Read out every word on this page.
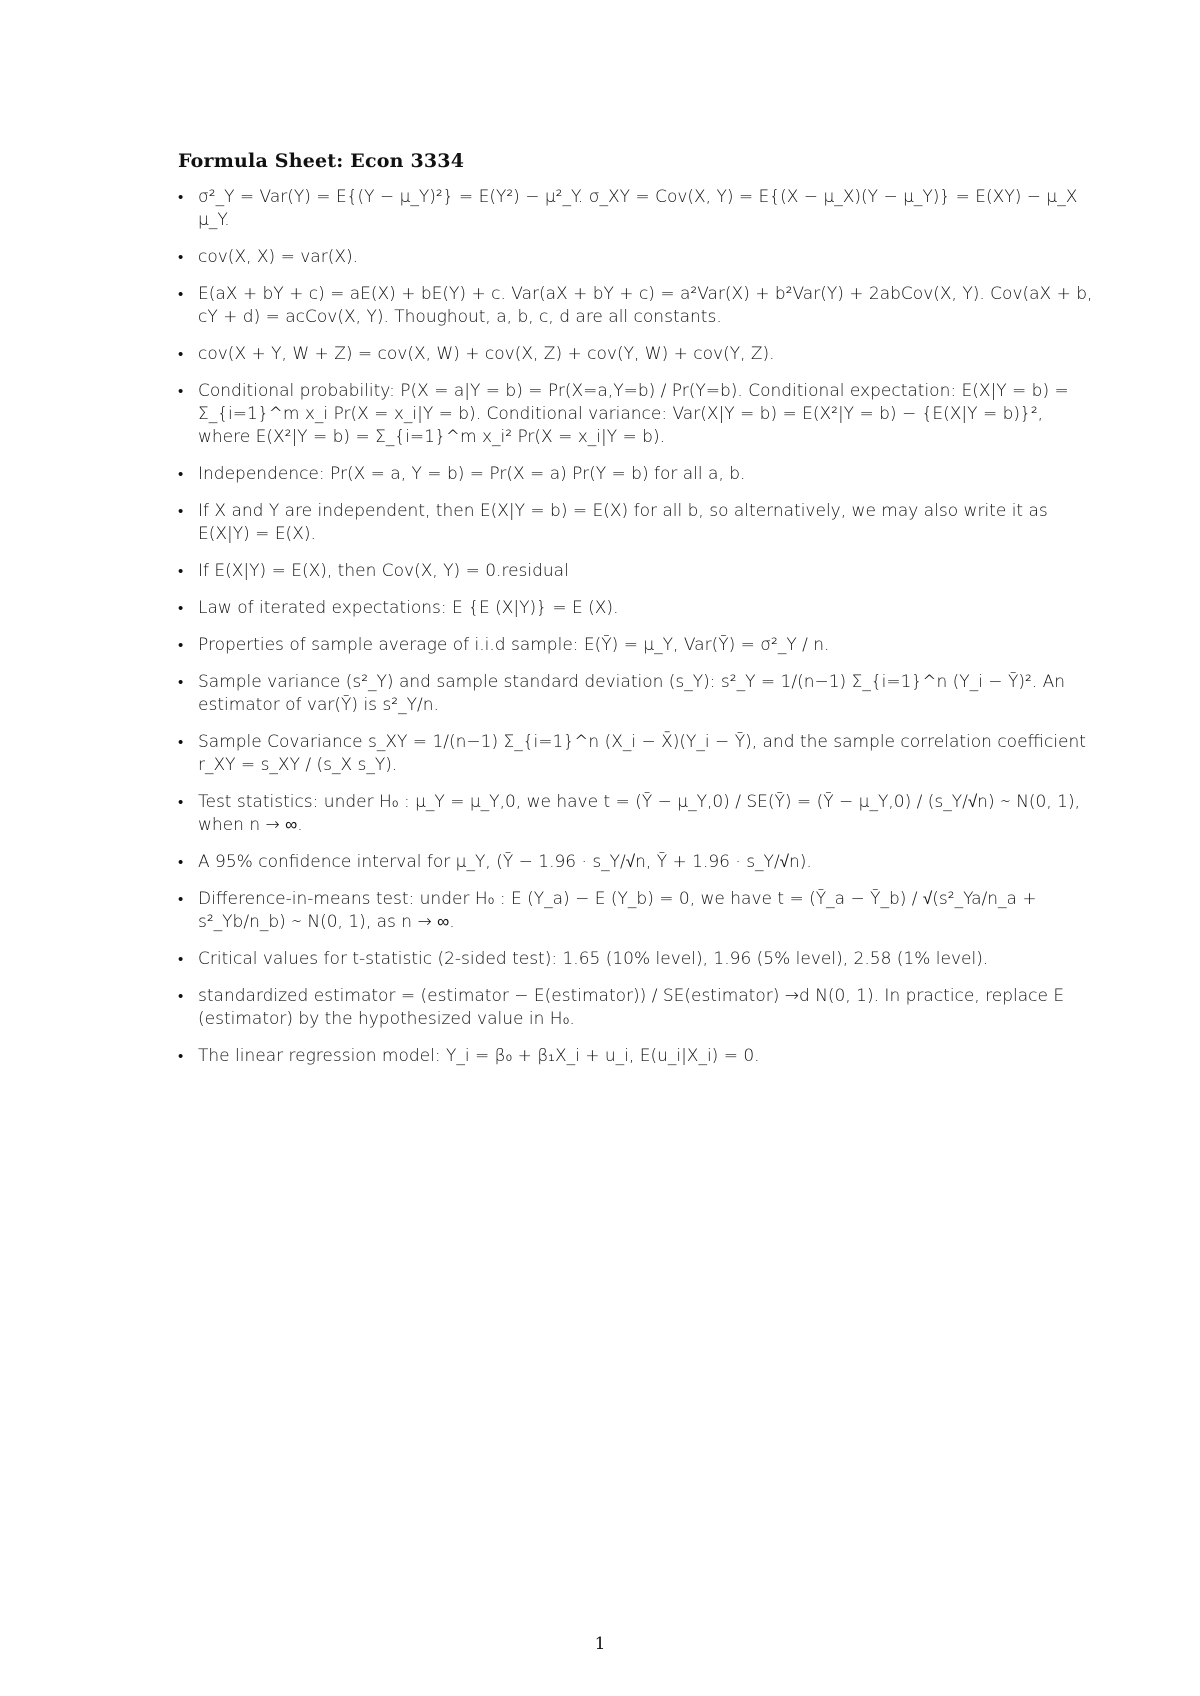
Formula Sheet: Econ 3334
• σ²_Y = Var(Y) = E{(Y − μ_Y)²} = E(Y²) − μ²_Y. σ_XY = Cov(X, Y) = E{(X − μ_X)(Y − μ_Y)} = E(XY) − μ_X μ_Y.
• cov(X, X) = var(X).
• E(aX + bY + c) = aE(X) + bE(Y) + c. Var(aX + bY + c) = a²Var(X) + b²Var(Y) + 2abCov(X, Y). Cov(aX + b, cY + d) = acCov(X, Y). Thoughout, a, b, c, d are all constants.
• cov(X + Y, W + Z) = cov(X, W) + cov(X, Z) + cov(Y, W) + cov(Y, Z).
• Conditional probability: P(X = a|Y = b) = Pr(X=a,Y=b) / Pr(Y=b). Conditional expectation: E(X|Y = b) = Σ_{i=1}^m x_i Pr(X = x_i|Y = b). Conditional variance: Var(X|Y = b) = E(X²|Y = b) − {E(X|Y = b)}², where E(X²|Y = b) = Σ_{i=1}^m x_i² Pr(X = x_i|Y = b).
• Independence: Pr(X = a, Y = b) = Pr(X = a) Pr(Y = b) for all a, b.
• If X and Y are independent, then E(X|Y = b) = E(X) for all b, so alternatively, we may also write it as E(X|Y) = E(X).
• If E(X|Y) = E(X), then Cov(X, Y) = 0.residual
• Law of iterated expectations: E {E (X|Y)} = E (X).
• Properties of sample average of i.i.d sample: E(Ȳ) = μ_Y, Var(Ȳ) = σ²_Y / n.
• Sample variance (s²_Y) and sample standard deviation (s_Y): s²_Y = 1/(n−1) Σ_{i=1}^n (Y_i − Ȳ)². An estimator of var(Ȳ) is s²_Y/n.
• Sample Covariance s_XY = 1/(n−1) Σ_{i=1}^n (X_i − X̄)(Y_i − Ȳ), and the sample correlation coefficient r_XY = s_XY / (s_X s_Y).
• Test statistics: under H₀ : μ_Y = μ_Y,0, we have t = (Ȳ − μ_Y,0) / SE(Ȳ) = (Ȳ − μ_Y,0) / (s_Y/√n) ∼ N(0, 1), when n → ∞.
• A 95% confidence interval for μ_Y, (Ȳ − 1.96 · s_Y/√n, Ȳ + 1.96 · s_Y/√n).
• Difference-in-means test: under H₀ : E (Y_a) − E (Y_b) = 0, we have t = (Ȳ_a − Ȳ_b) / √(s²_Ya/n_a + s²_Yb/n_b) ∼ N(0, 1), as n → ∞.
• Critical values for t-statistic (2-sided test): 1.65 (10% level), 1.96 (5% level), 2.58 (1% level).
• standardized estimator = (estimator − E(estimator)) / SE(estimator) →d N(0, 1). In practice, replace E (estimator) by the hypothesized value in H₀.
• The linear regression model: Y_i = β₀ + β₁X_i + u_i, E(u_i|X_i) = 0.
1
